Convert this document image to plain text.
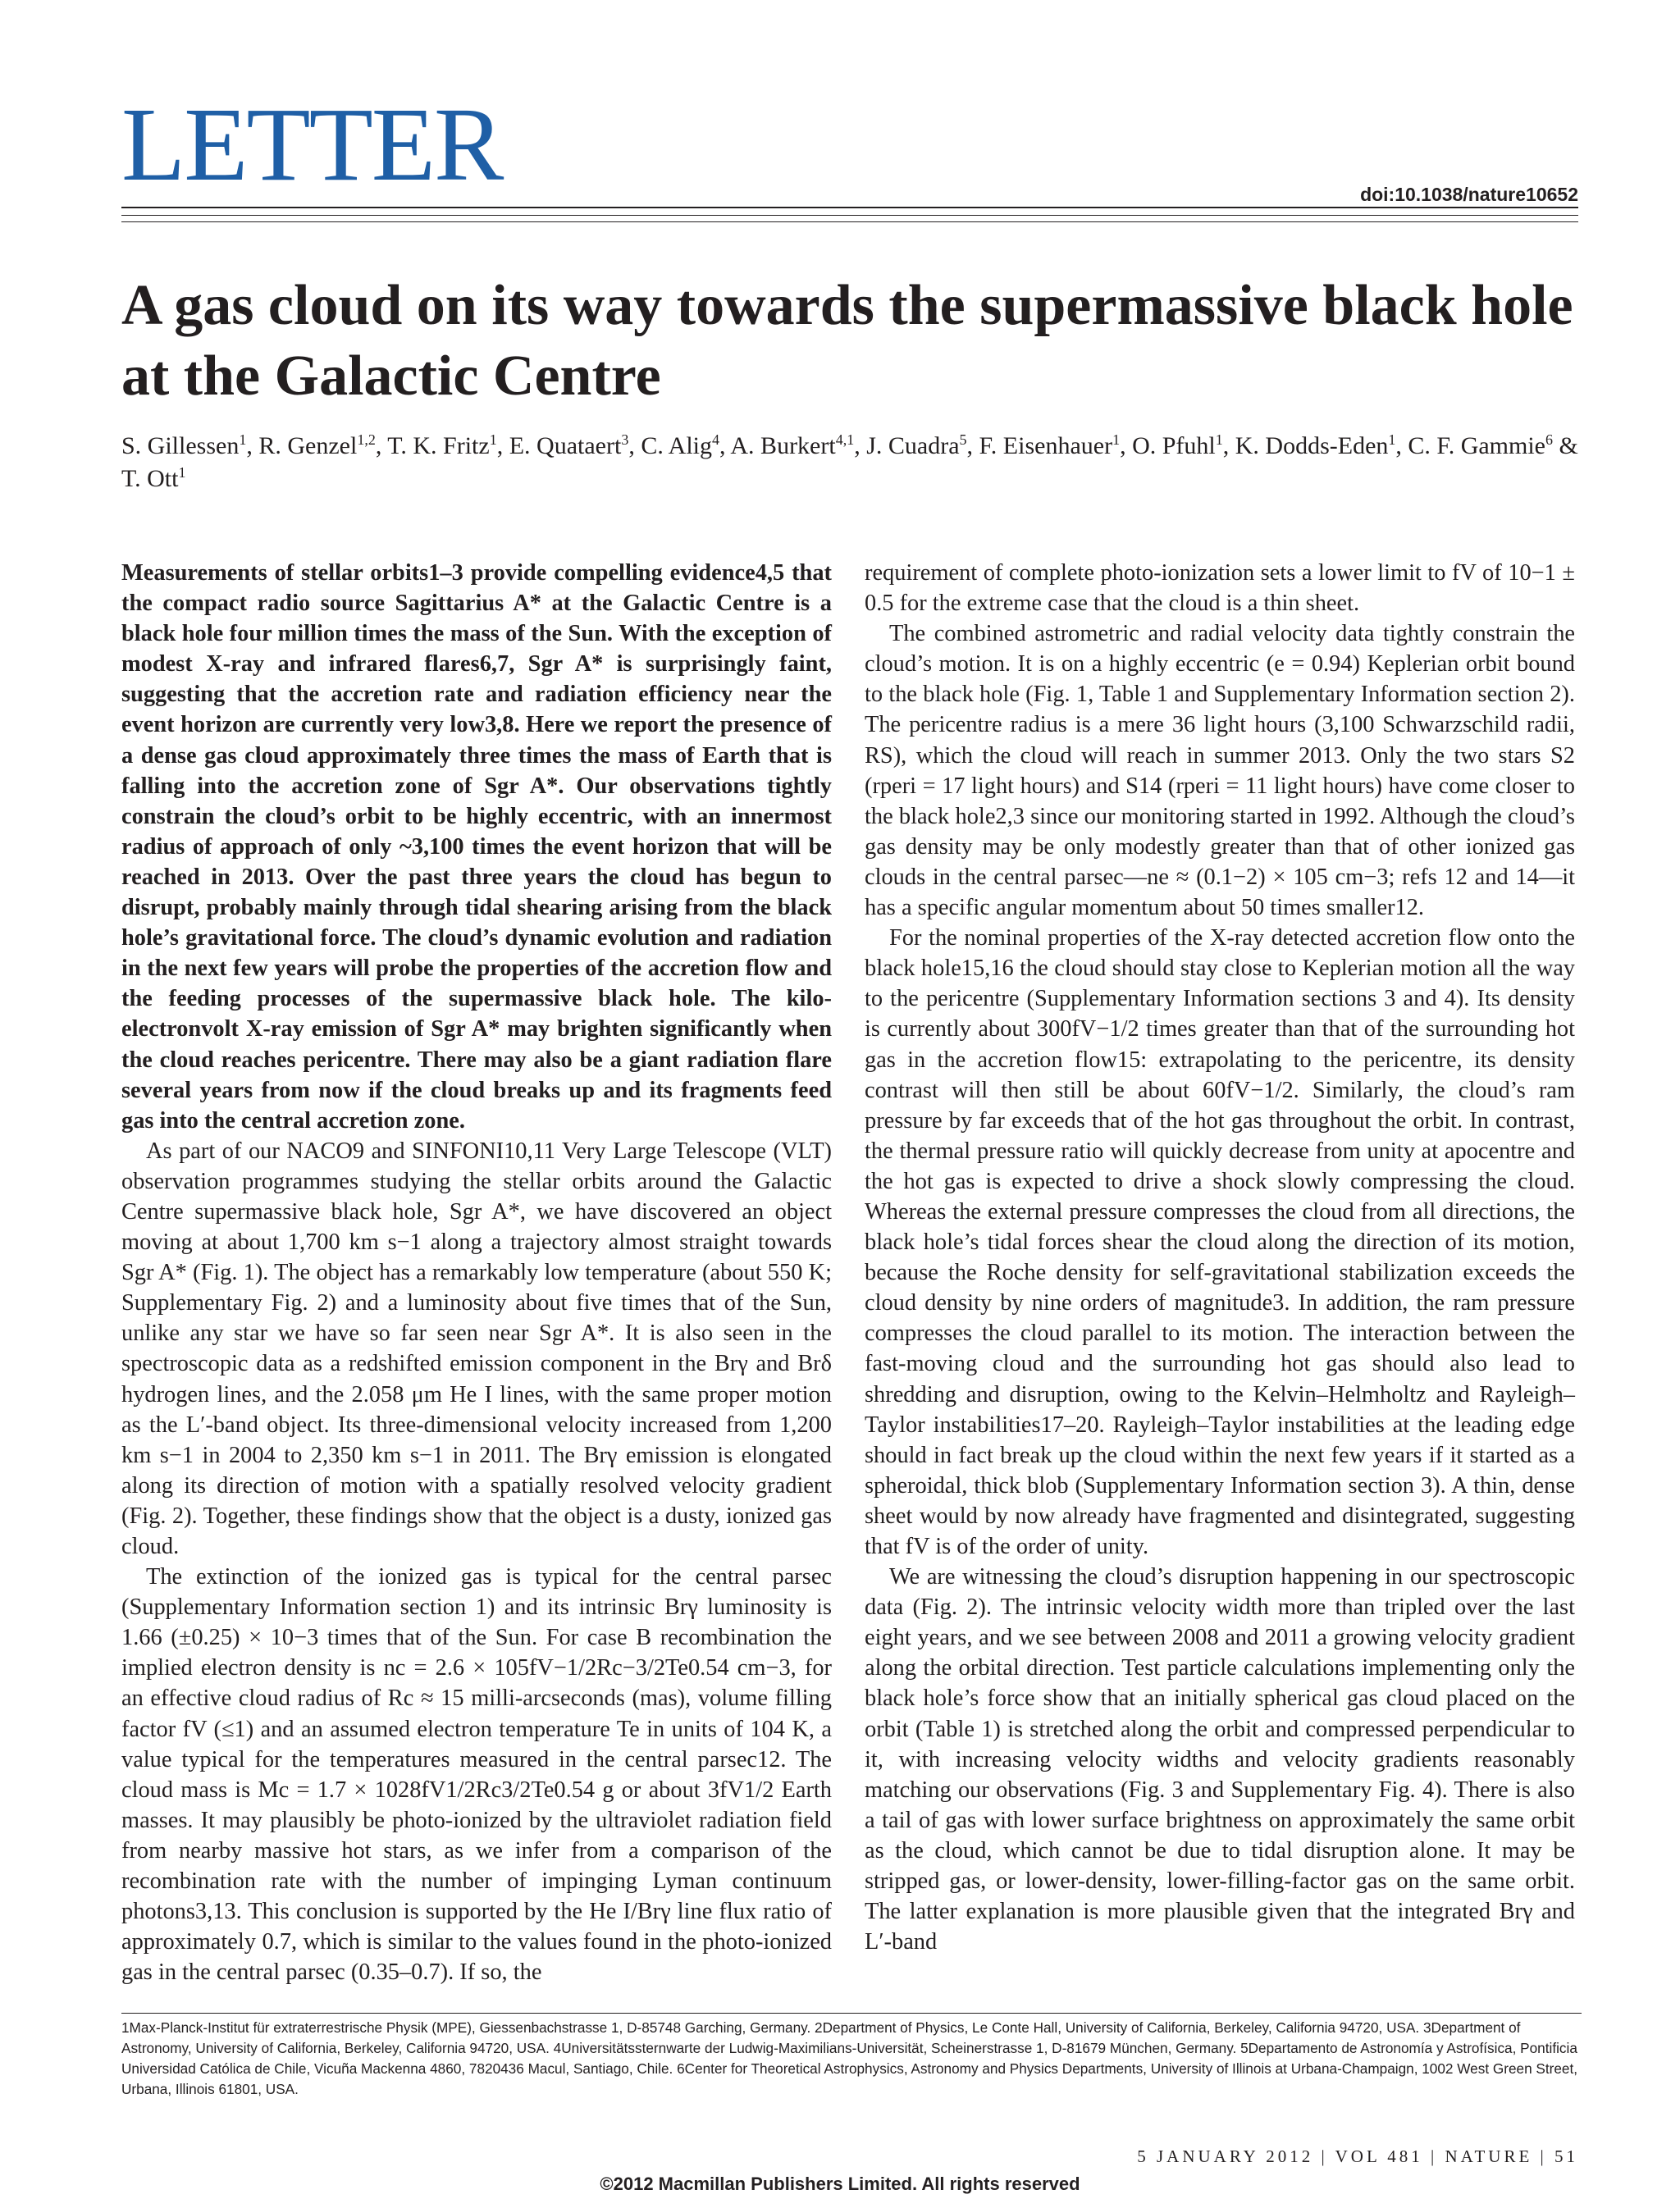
LETTER	doi:10.1038/nature10652
A gas cloud on its way towards the supermassive black hole at the Galactic Centre
S. Gillessen$^1$, R. Genzel$^{1,2}$, T. K. Fritz$^1$, E. Quataert$^3$, C. Alig$^4$, A. Burkert$^{4,1}$, J. Cuadra$^5$, F. Eisenhauer$^1$, O. Pfuhl$^1$, K. Dodds-Eden$^1$, C. F. Gammie$^6$ & T. Ott$^1$

Measurements of stellar orbits1–3 provide compelling evidence4,5 that the compact radio source Sagittarius A* at the Galactic Centre is a black hole four million times the mass of the Sun. With the exception of modest X-ray and infrared flares6,7, Sgr A* is surprisingly faint, suggesting that the accretion rate and radiation efficiency near the event horizon are currently very low3,8. Here we report the presence of a dense gas cloud approximately three times the mass of Earth that is falling into the accretion zone of Sgr A*. Our observations tightly constrain the cloud’s orbit to be highly eccentric, with an innermost radius of approach of only ~3,100 times the event horizon that will be reached in 2013. Over the past three years the cloud has begun to disrupt, probably mainly through tidal shearing arising from the black hole’s gravitational force. The cloud’s dynamic evolution and radiation in the next few years will probe the properties of the accretion flow and the feeding processes of the supermassive black hole. The kilo-electronvolt X-ray emission of Sgr A* may brighten significantly when the cloud reaches pericentre. There may also be a giant radiation flare several years from now if the cloud breaks up and its fragments feed gas into the central accretion zone.

As part of our NACO9 and SINFONI10,11 Very Large Telescope (VLT) observation programmes studying the stellar orbits around the Galactic Centre supermassive black hole, Sgr A*, we have discovered an object moving at about 1,700 km s−1 along a trajectory almost straight towards Sgr A* (Fig. 1). The object has a remarkably low temperature (about 550 K; Supplementary Fig. 2) and a luminosity about five times that of the Sun, unlike any star we have so far seen near Sgr A*. It is also seen in the spectroscopic data as a redshifted emission component in the Brγ and Brδ hydrogen lines, and the 2.058 μm He I lines, with the same proper motion as the L′-band object. Its three-dimensional velocity increased from 1,200 km s−1 in 2004 to 2,350 km s−1 in 2011. The Brγ emission is elongated along its direction of motion with a spatially resolved velocity gradient (Fig. 2). Together, these findings show that the object is a dusty, ionized gas cloud.

The extinction of the ionized gas is typical for the central parsec (Supplementary Information section 1) and its intrinsic Brγ luminosity is 1.66 (±0.25) × 10−3 times that of the Sun. For case B recombination the implied electron density is nc = 2.6 × 105fV−1/2Rc−3/2Te0.54 cm−3, for an effective cloud radius of Rc ≈ 15 milli-arcseconds (mas), volume filling factor fV (≤1) and an assumed electron temperature Te in units of 104 K, a value typical for the temperatures measured in the central parsec12. The cloud mass is Mc = 1.7 × 1028fV1/2Rc3/2Te0.54 g or about 3fV1/2 Earth masses. It may plausibly be photo-ionized by the ultraviolet radiation field from nearby massive hot stars, as we infer from a comparison of the recombination rate with the number of impinging Lyman continuum photons3,13. This conclusion is supported by the He I/Brγ line flux ratio of approximately 0.7, which is similar to the values found in the photo-ionized gas in the central parsec (0.35–0.7). If so, the

requirement of complete photo-ionization sets a lower limit to fV of 10−1 ± 0.5 for the extreme case that the cloud is a thin sheet.

The combined astrometric and radial velocity data tightly constrain the cloud’s motion. It is on a highly eccentric (e = 0.94) Keplerian orbit bound to the black hole (Fig. 1, Table 1 and Supplementary Information section 2). The pericentre radius is a mere 36 light hours (3,100 Schwarzschild radii, RS), which the cloud will reach in summer 2013. Only the two stars S2 (rperi = 17 light hours) and S14 (rperi = 11 light hours) have come closer to the black hole2,3 since our monitoring started in 1992. Although the cloud’s gas density may be only modestly greater than that of other ionized gas clouds in the central parsec—ne ≈ (0.1−2) × 105 cm−3; refs 12 and 14—it has a specific angular momentum about 50 times smaller12.

For the nominal properties of the X-ray detected accretion flow onto the black hole15,16 the cloud should stay close to Keplerian motion all the way to the pericentre (Supplementary Information sections 3 and 4). Its density is currently about 300fV−1/2 times greater than that of the surrounding hot gas in the accretion flow15: extrapolating to the pericentre, its density contrast will then still be about 60fV−1/2. Similarly, the cloud’s ram pressure by far exceeds that of the hot gas throughout the orbit. In contrast, the thermal pressure ratio will quickly decrease from unity at apocentre and the hot gas is expected to drive a shock slowly compressing the cloud. Whereas the external pressure compresses the cloud from all directions, the black hole’s tidal forces shear the cloud along the direction of its motion, because the Roche density for self-gravitational stabilization exceeds the cloud density by nine orders of magnitude3. In addition, the ram pressure compresses the cloud parallel to its motion. The interaction between the fast-moving cloud and the surrounding hot gas should also lead to shredding and disruption, owing to the Kelvin–Helmholtz and Rayleigh–Taylor instabilities17–20. Rayleigh–Taylor instabilities at the leading edge should in fact break up the cloud within the next few years if it started as a spheroidal, thick blob (Supplementary Information section 3). A thin, dense sheet would by now already have fragmented and disintegrated, suggesting that fV is of the order of unity.

We are witnessing the cloud’s disruption happening in our spectroscopic data (Fig. 2). The intrinsic velocity width more than tripled over the last eight years, and we see between 2008 and 2011 a growing velocity gradient along the orbital direction. Test particle calculations implementing only the black hole’s force show that an initially spherical gas cloud placed on the orbit (Table 1) is stretched along the orbit and compressed perpendicular to it, with increasing velocity widths and velocity gradients reasonably matching our observations (Fig. 3 and Supplementary Fig. 4). There is also a tail of gas with lower surface brightness on approximately the same orbit as the cloud, which cannot be due to tidal disruption alone. It may be stripped gas, or lower-density, lower-filling-factor gas on the same orbit. The latter explanation is more plausible given that the integrated Brγ and L′-band

1Max-Planck-Institut für extraterrestrische Physik (MPE), Giessenbachstrasse 1, D-85748 Garching, Germany. 2Department of Physics, Le Conte Hall, University of California, Berkeley, California 94720, USA. 3Department of Astronomy, University of California, Berkeley, California 94720, USA. 4Universitätssternwarte der Ludwig-Maximilians-Universität, Scheinerstrasse 1, D-81679 München, Germany. 5Departamento de Astronomía y Astrofísica, Pontificia Universidad Católica de Chile, Vicuña Mackenna 4860, 7820436 Macul, Santiago, Chile. 6Center for Theoretical Astrophysics, Astronomy and Physics Departments, University of Illinois at Urbana-Champaign, 1002 West Green Street, Urbana, Illinois 61801, USA.
5 JANUARY 2012 | VOL 481 | NATURE | 51
©2012 Macmillan Publishers Limited. All rights reserved
